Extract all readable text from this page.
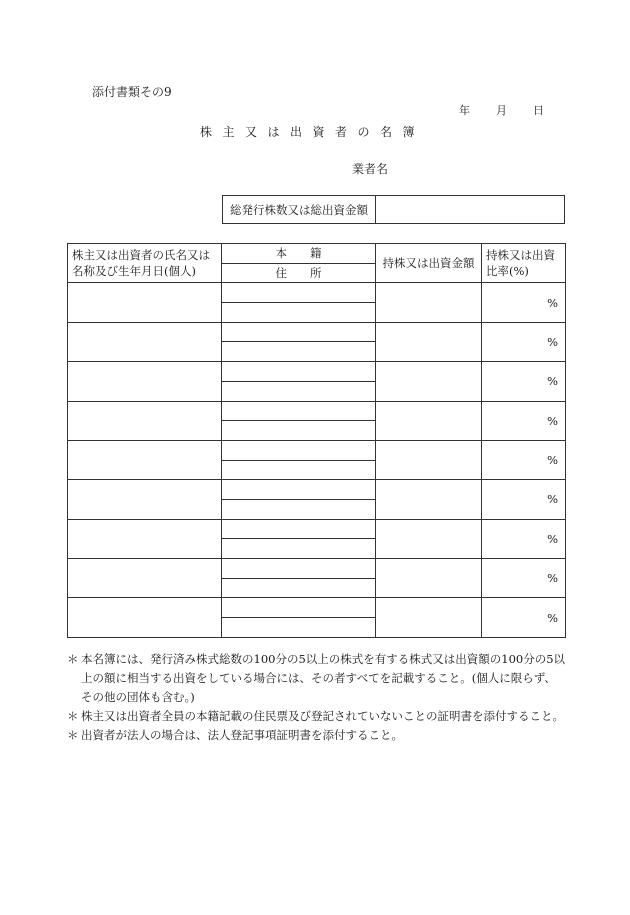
添付書類その9
年	月	日
株主又は出資者の名簿
業者名
総発行株数又は総出資金額	
株主又は出資者の氏名又は名称及び生年月日(個人)	本　　籍	持株又は出資金額	持株又は出資比率(%)
	住　　所		
			%

			%

			%

			%

			%

			%

			%

			%

			%

＊ 本名簿には、発行済み株式総数の100分の5以上の株式を有する株式又は出資額の100分の5以上の額に相当する出資をしている場合には、その者すべてを記載すること。(個人に限らず、その他の団体も含む。)
＊ 株主又は出資者全員の本籍記載の住民票及び登記されていないことの証明書を添付すること。
＊ 出資者が法人の場合は、法人登記事項証明書を添付すること。
